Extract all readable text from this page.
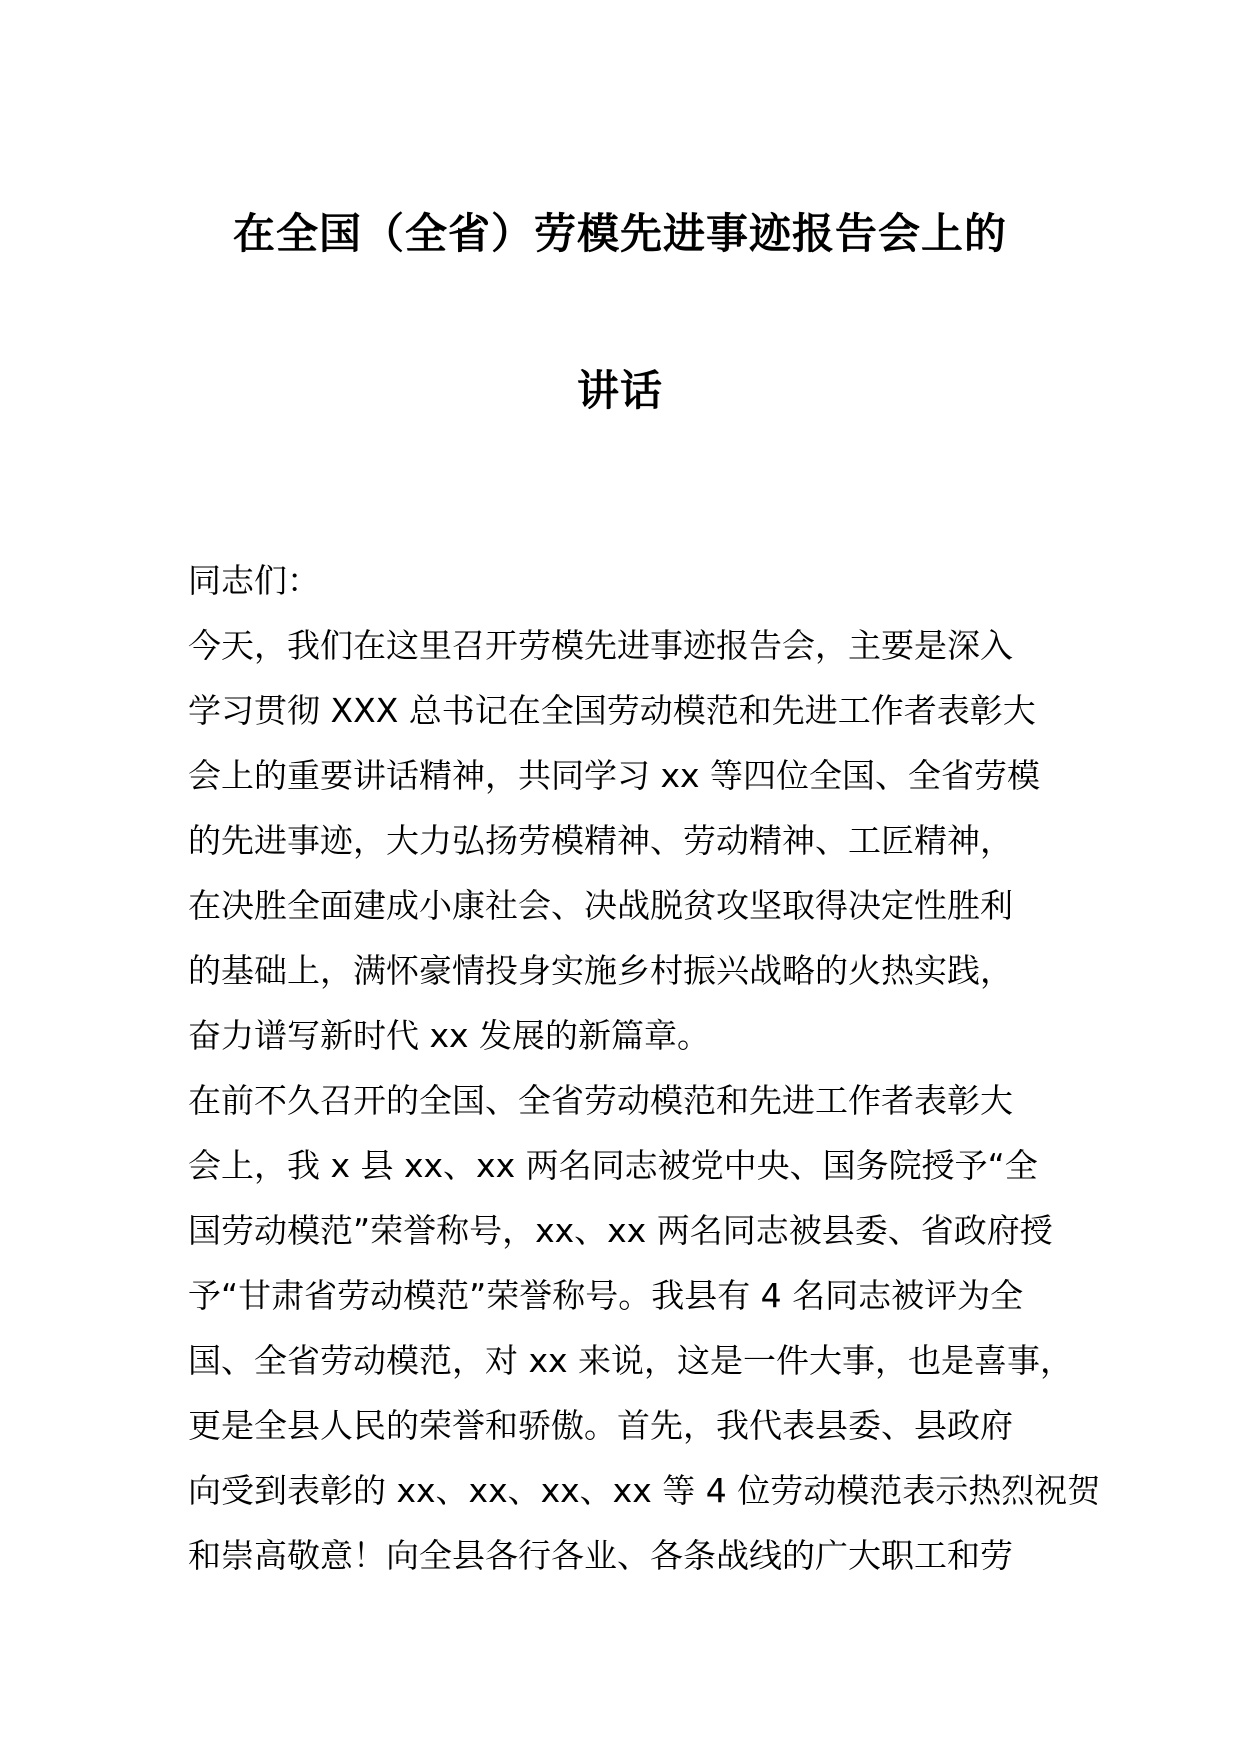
在全国（全省）劳模先进事迹报告会上的
讲话
同志们：
今天，我们在这里召开劳模先进事迹报告会，主要是深入
学习贯彻 XXX 总书记在全国劳动模范和先进工作者表彰大
会上的重要讲话精神，共同学习 xx 等四位全国、全省劳模
的先进事迹，大力弘扬劳模精神、劳动精神、工匠精神，
在决胜全面建成小康社会、决战脱贫攻坚取得决定性胜利
的基础上，满怀豪情投身实施乡村振兴战略的火热实践，
奋力谱写新时代 xx 发展的新篇章。
在前不久召开的全国、全省劳动模范和先进工作者表彰大
会上，我 x 县 xx、xx 两名同志被党中央、国务院授予“全
国劳动模范”荣誉称号，xx、xx 两名同志被县委、省政府授
予“甘肃省劳动模范”荣誉称号。我县有 4 名同志被评为全
国、全省劳动模范，对 xx 来说，这是一件大事，也是喜事，
更是全县人民的荣誉和骄傲。首先，我代表县委、县政府
向受到表彰的 xx、xx、xx、xx 等 4 位劳动模范表示热烈祝贺
和崇高敬意！向全县各行各业、各条战线的广大职工和劳
